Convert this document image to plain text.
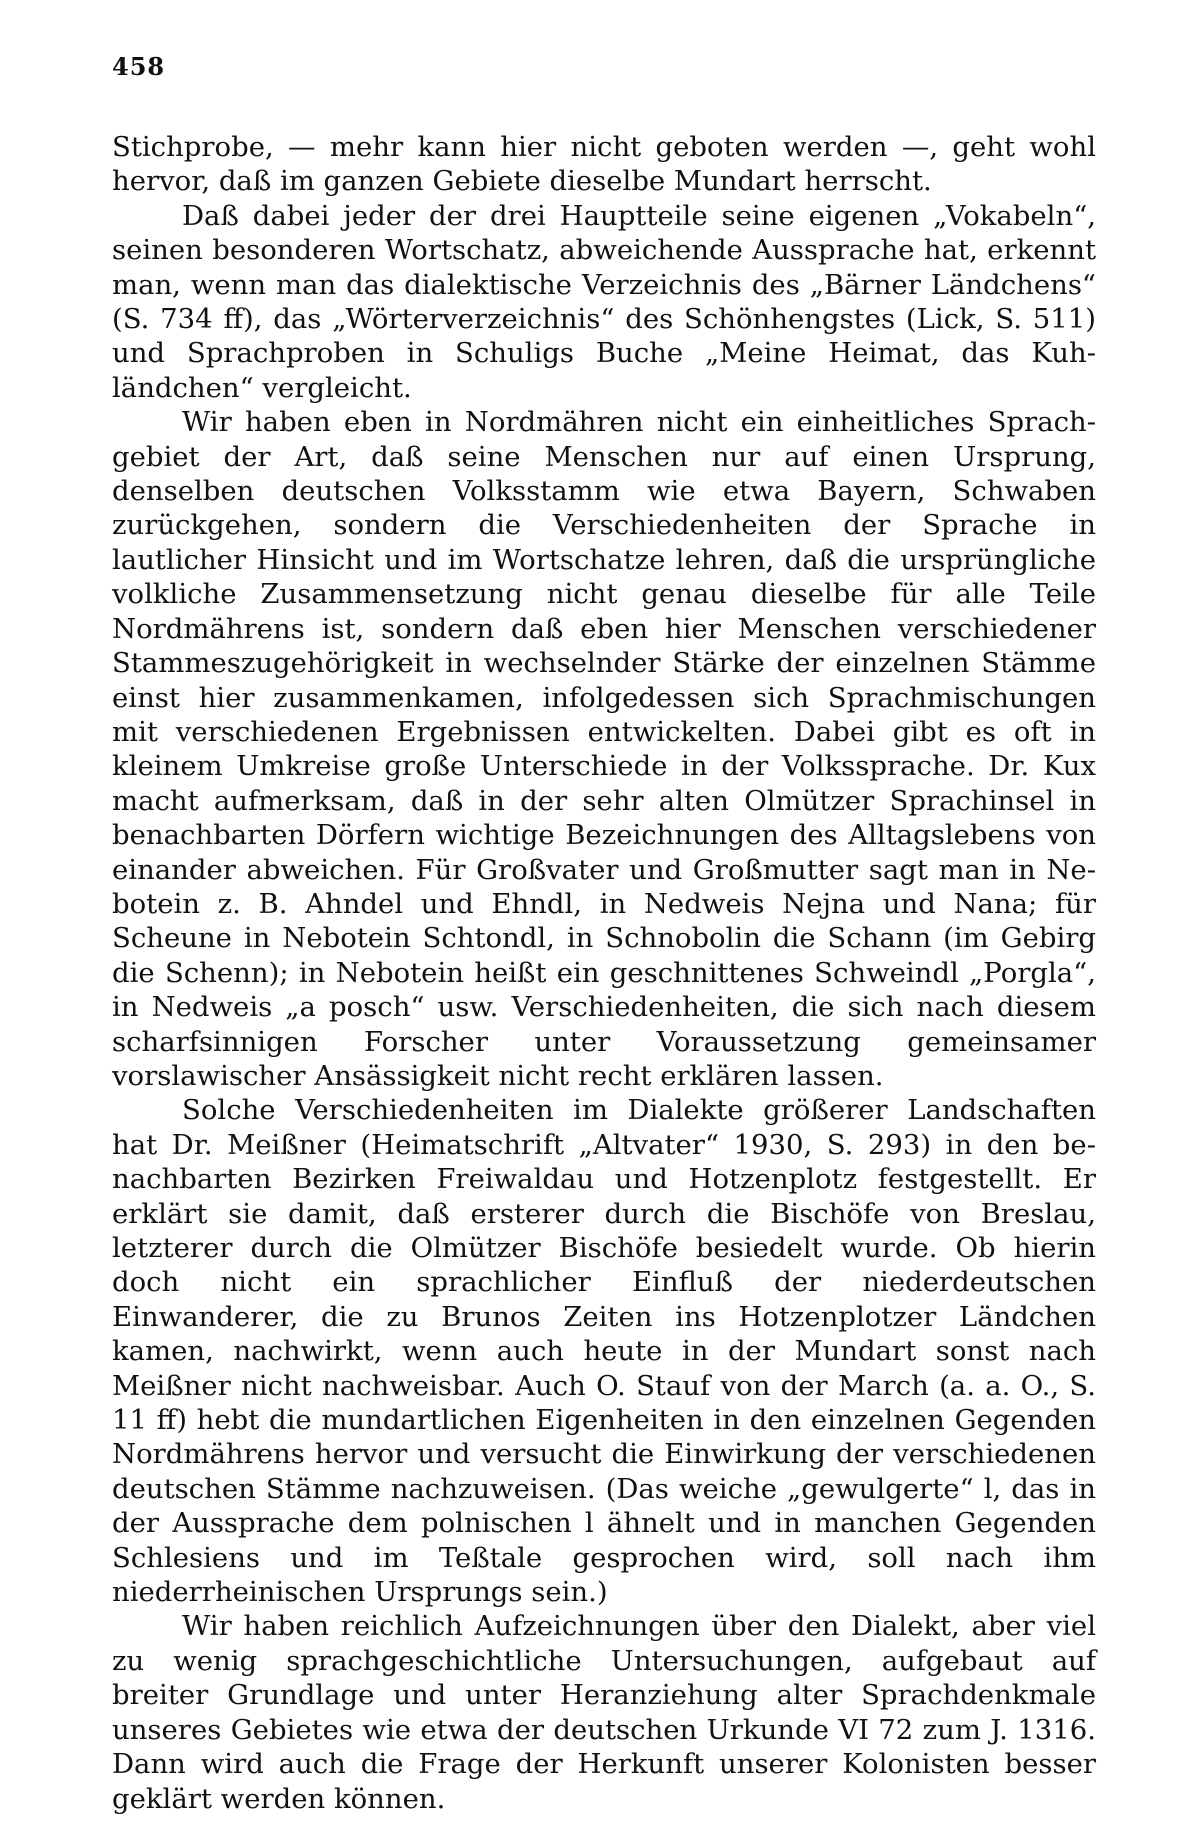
458

Stichprobe, — mehr kann hier nicht geboten werden —, geht wohl hervor, daß im ganzen Gebiete dieselbe Mundart herrscht.

Daß dabei jeder der drei Hauptteile seine eigenen „Vokabeln“, seinen besonderen Wortschatz, abweichende Aussprache hat, erkennt man, wenn man das dialektische Verzeichnis des „Bärner Ländchens“ (S. 734 ff), das „Wörterverzeichnis“ des Schönhengstes (Lick, S. 511) und Sprachproben in Schuligs Buche „Meine Heimat, das Kuhländchen“ vergleicht.

Wir haben eben in Nordmähren nicht ein einheitliches Sprachgebiet der Art, daß seine Menschen nur auf einen Ursprung, denselben deutschen Volksstamm wie etwa Bayern, Schwaben zurückgehen, sondern die Verschiedenheiten der Sprache in lautlicher Hinsicht und im Wortschatze lehren, daß die ursprüngliche volkliche Zusammensetzung nicht genau dieselbe für alle Teile Nordmährens ist, sondern daß eben hier Menschen verschiedener Stammeszugehörigkeit in wechselnder Stärke der einzelnen Stämme einst hier zusammenkamen, infolgedessen sich Sprachmischungen mit verschiedenen Ergebnissen entwickelten. Dabei gibt es oft in kleinem Umkreise große Unterschiede in der Volkssprache. Dr. Kux macht aufmerksam, daß in der sehr alten Olmützer Sprachinsel in benachbarten Dörfern wichtige Bezeichnungen des Alltagslebens von einander abweichen. Für Großvater und Großmutter sagt man in Nebotein z. B. Ahndel und Ehndl, in Nedweis Nejna und Nana; für Scheune in Nebotein Schtondl, in Schnobolin die Schann (im Gebirg die Schenn); in Nebotein heißt ein geschnittenes Schweindl „Porgla“, in Nedweis „a posch“ usw. Verschiedenheiten, die sich nach diesem scharfsinnigen Forscher unter Voraussetzung gemeinsamer vorslawischer Ansässigkeit nicht recht erklären lassen.

Solche Verschiedenheiten im Dialekte größerer Landschaften hat Dr. Meißner (Heimatschrift „Altvater“ 1930, S. 293) in den benachbarten Bezirken Freiwaldau und Hotzenplotz festgestellt. Er erklärt sie damit, daß ersterer durch die Bischöfe von Breslau, letzterer durch die Olmützer Bischöfe besiedelt wurde. Ob hierin doch nicht ein sprachlicher Einfluß der niederdeutschen Einwanderer, die zu Brunos Zeiten ins Hotzenplotzer Ländchen kamen, nachwirkt, wenn auch heute in der Mundart sonst nach Meißner nicht nachweisbar. Auch O. Stauf von der March (a. a. O., S. 11 ff) hebt die mundartlichen Eigenheiten in den einzelnen Gegenden Nordmährens hervor und versucht die Einwirkung der verschiedenen deutschen Stämme nachzuweisen. (Das weiche „gewulgerte“ l, das in der Aussprache dem polnischen l ähnelt und in manchen Gegenden Schlesiens und im Teßtale gesprochen wird, soll nach ihm niederrheinischen Ursprungs sein.)

Wir haben reichlich Aufzeichnungen über den Dialekt, aber viel zu wenig sprachgeschichtliche Untersuchungen, aufgebaut auf breiter Grundlage und unter Heranziehung alter Sprachdenkmale unseres Gebietes wie etwa der deutschen Urkunde VI 72 zum J. 1316. Dann wird auch die Frage der Herkunft unserer Kolonisten besser geklärt werden können.
